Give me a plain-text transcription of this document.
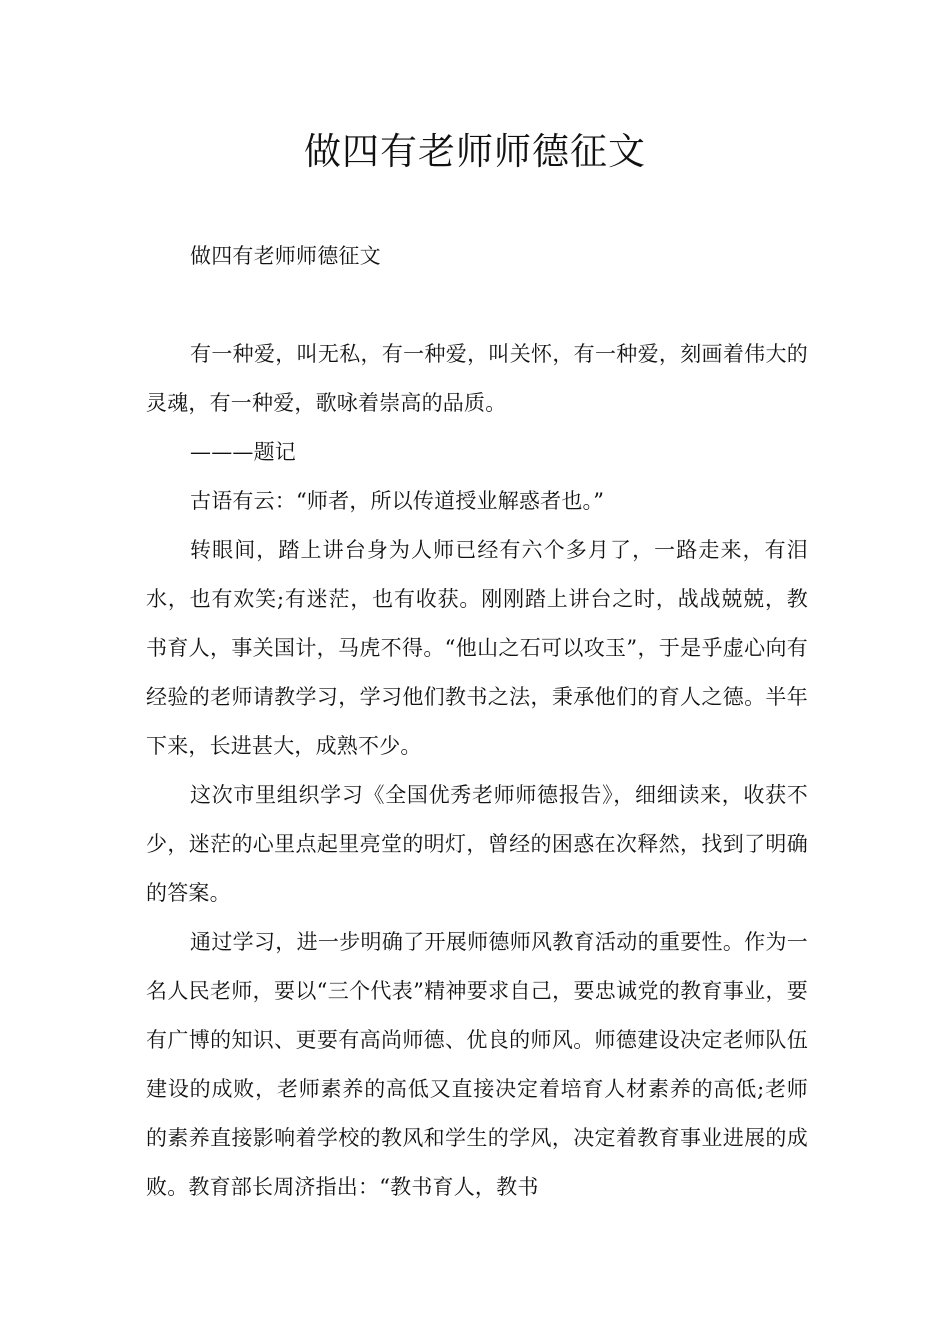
做四有老师师德征文

做四有老师师德征文

有一种爱，叫无私，有一种爱，叫关怀，有一种爱，刻画着伟大的灵魂，有一种爱，歌咏着崇高的品质。

———题记

古语有云：“师者，所以传道授业解惑者也。”

转眼间，踏上讲台身为人师已经有六个多月了，一路走来，有泪水，也有欢笑;有迷茫，也有收获。刚刚踏上讲台之时，战战兢兢，教书育人，事关国计，马虎不得。“他山之石可以攻玉”，于是乎虚心向有经验的老师请教学习，学习他们教书之法，秉承他们的育人之德。半年下来，长进甚大，成熟不少。

这次市里组织学习《全国优秀老师师德报告》，细细读来，收获不少，迷茫的心里点起里亮堂的明灯，曾经的困惑在次释然，找到了明确的答案。

通过学习，进一步明确了开展师德师风教育活动的重要性。作为一名人民老师，要以“三个代表”精神要求自己，要忠诚党的教育事业，要有广博的知识、更要有高尚师德、优良的师风。师德建设决定老师队伍建设的成败，老师素养的高低又直接决定着培育人材素养的高低;老师的素养直接影响着学校的教风和学生的学风，决定着教育事业进展的成败。教育部长周济指出：“教书育人，教书
